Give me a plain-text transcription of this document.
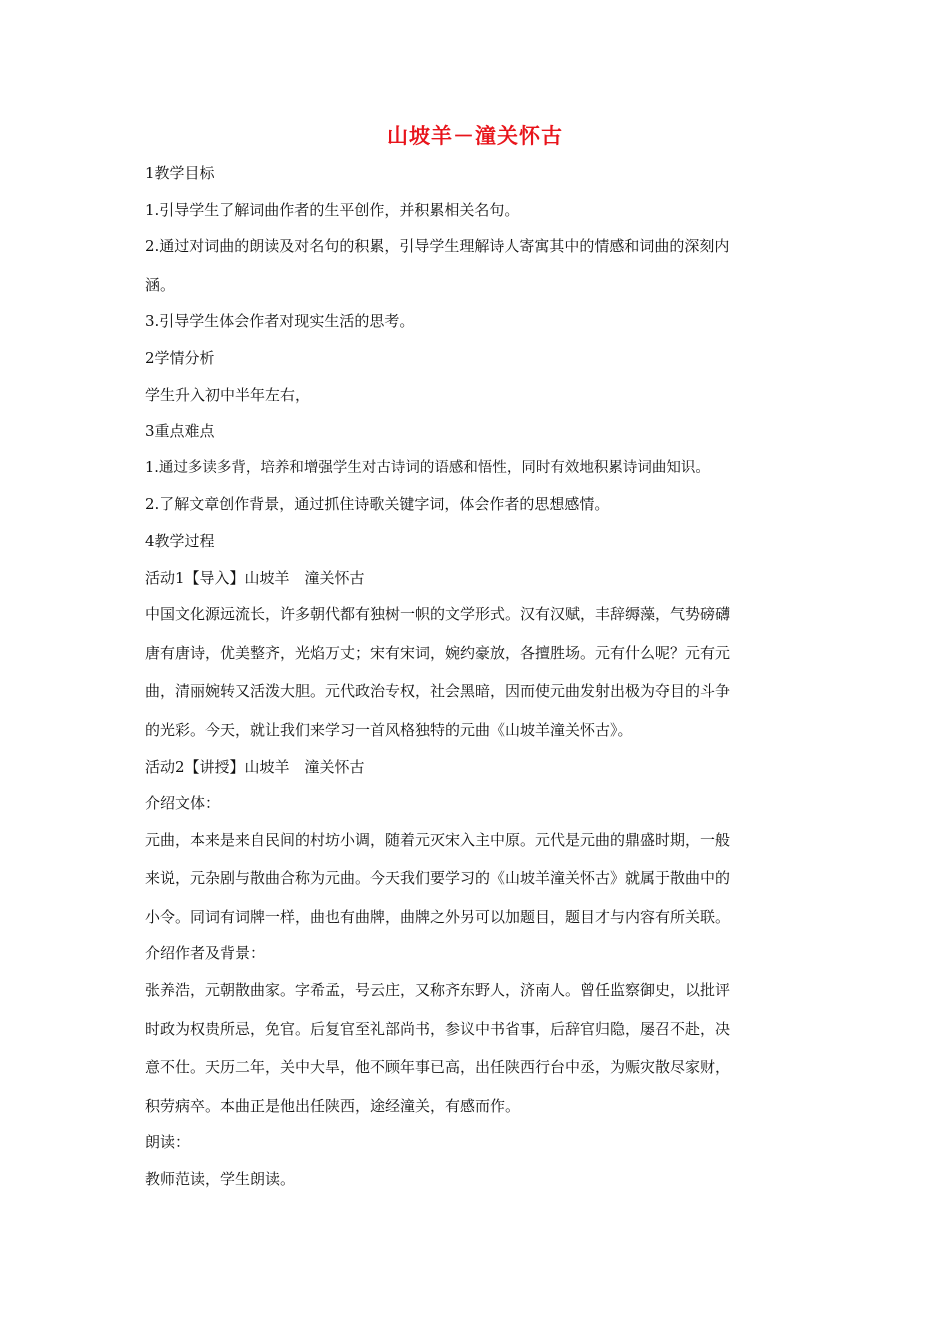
山坡羊－潼关怀古

1教学目标

1.引导学生了解词曲作者的生平创作，并积累相关名句。

2.通过对词曲的朗读及对名句的积累，引导学生理解诗人寄寓其中的情感和词曲的深刻内

涵。

3.引导学生体会作者对现实生活的思考。

2学情分析

学生升入初中半年左右，

3重点难点

1.通过多读多背，培养和增强学生对古诗词的语感和悟性，同时有效地积累诗词曲知识。

2.了解文章创作背景，通过抓住诗歌关键字词，体会作者的思想感情。

4教学过程

活动1【导入】山坡羊　潼关怀古

中国文化源远流长，许多朝代都有独树一帜的文学形式。汉有汉赋，丰辞缛藻，气势磅礴

唐有唐诗，优美整齐，光焰万丈；宋有宋词，婉约豪放，各擅胜场。元有什么呢？元有元

曲，清丽婉转又活泼大胆。元代政治专权，社会黑暗，因而使元曲发射出极为夺目的斗争

的光彩。今天，就让我们来学习一首风格独特的元曲《山坡羊潼关怀古》。

活动2【讲授】山坡羊　潼关怀古

介绍文体：

元曲，本来是来自民间的村坊小调，随着元灭宋入主中原。元代是元曲的鼎盛时期，一般

来说，元杂剧与散曲合称为元曲。今天我们要学习的《山坡羊潼关怀古》就属于散曲中的

小令。同词有词牌一样，曲也有曲牌，曲牌之外另可以加题目，题目才与内容有所关联。

介绍作者及背景：

张养浩，元朝散曲家。字希孟，号云庄，又称齐东野人，济南人。曾任监察御史，以批评

时政为权贵所忌，免官。后复官至礼部尚书，参议中书省事，后辞官归隐，屡召不赴，决

意不仕。天历二年，关中大旱，他不顾年事已高，出任陕西行台中丞，为赈灾散尽家财，

积劳病卒。本曲正是他出任陕西，途经潼关，有感而作。

朗读：

教师范读，学生朗读。
